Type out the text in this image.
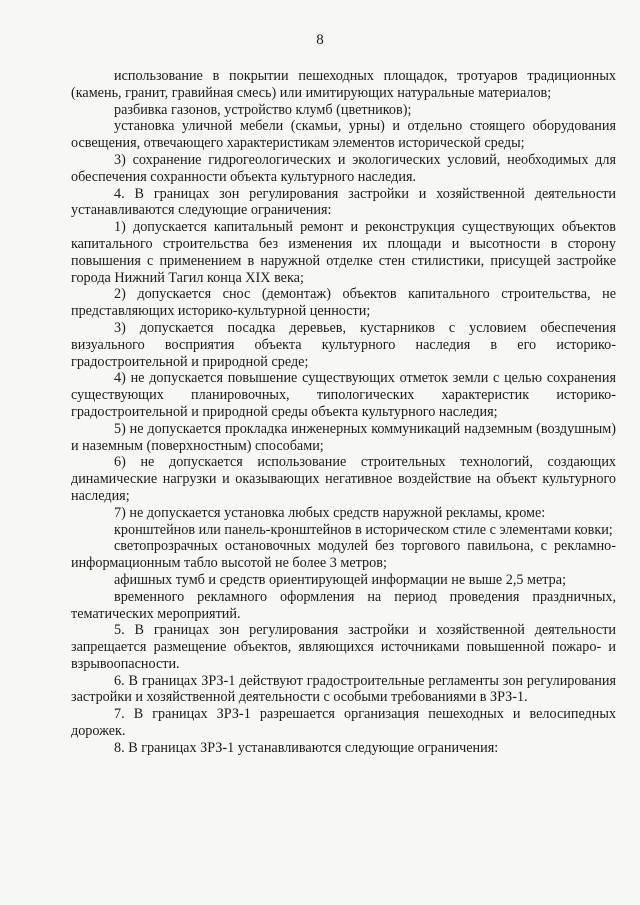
8

использование в покрытии пешеходных площадок, тротуаров традиционных (камень, гранит, гравийная смесь) или имитирующих натуральные материалов;

разбивка газонов, устройство клумб (цветников);

установка уличной мебели (скамьи, урны) и отдельно стоящего оборудования освещения, отвечающего характеристикам элементов исторической среды;

3) сохранение гидрогеологических и экологических условий, необходимых для обеспечения сохранности объекта культурного наследия.

4. В границах зон регулирования застройки и хозяйственной деятельности устанавливаются следующие ограничения:

1) допускается капитальный ремонт и реконструкция существующих объектов капитального строительства без изменения их площади и высотности в сторону повышения с применением в наружной отделке стен стилистики, присущей застройке города Нижний Тагил конца XIX века;

2) допускается снос (демонтаж) объектов капитального строительства, не представляющих историко-культурной ценности;

3) допускается посадка деревьев, кустарников с условием обеспечения визуального восприятия объекта культурного наследия в его историко-градостроительной и природной среде;

4) не допускается повышение существующих отметок земли с целью сохранения существующих планировочных, типологических характеристик историко-градостроительной и природной среды объекта культурного наследия;

5) не допускается прокладка инженерных коммуникаций надземным (воздушным) и наземным (поверхностным) способами;

6) не допускается использование строительных технологий, создающих динамические нагрузки и оказывающих негативное воздействие на объект культурного наследия;

7) не допускается установка любых средств наружной рекламы, кроме:

кронштейнов или панель-кронштейнов в историческом стиле с элементами ковки;

светопрозрачных остановочных модулей без торгового павильона, с рекламно-информационным табло высотой не более 3 метров;

афишных тумб и средств ориентирующей информации не выше 2,5 метра;

временного рекламного оформления на период проведения праздничных, тематических мероприятий.

5. В границах зон регулирования застройки и хозяйственной деятельности запрещается размещение объектов, являющихся источниками повышенной пожаро- и взрывоопасности.

6. В границах ЗРЗ-1 действуют градостроительные регламенты зон регулирования застройки и хозяйственной деятельности с особыми требованиями в ЗРЗ-1.

7. В границах ЗРЗ-1 разрешается организация пешеходных и велосипедных дорожек.

8. В границах ЗРЗ-1 устанавливаются следующие ограничения:
